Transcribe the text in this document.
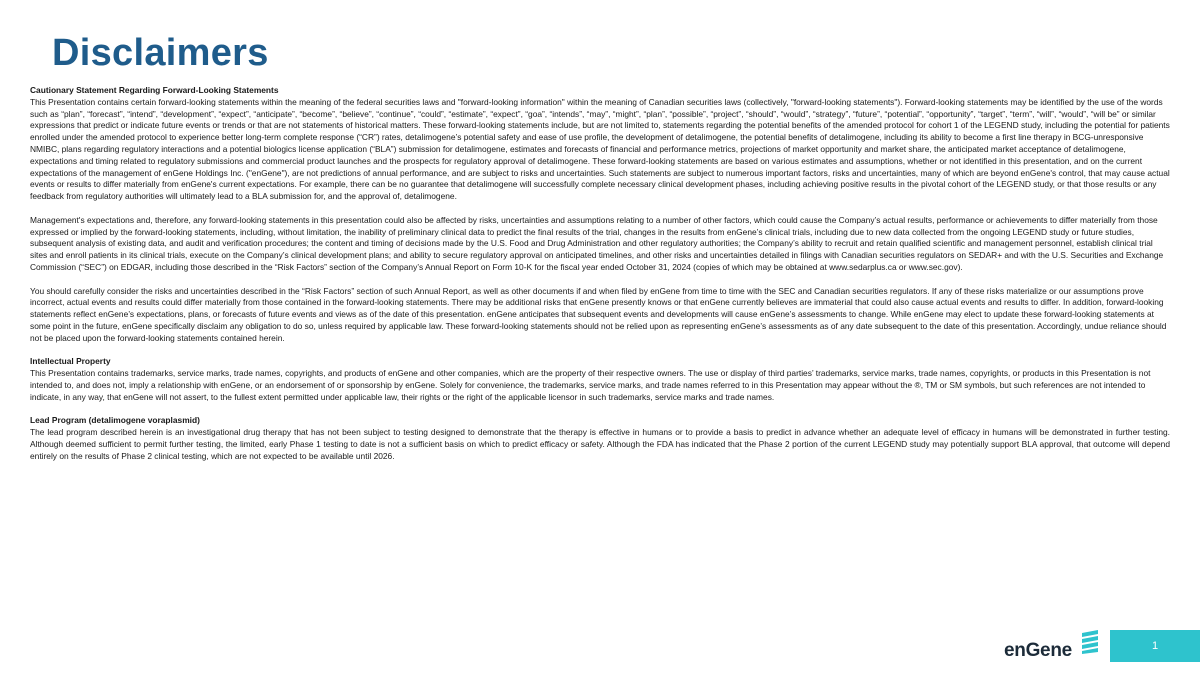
Disclaimers

Cautionary Statement Regarding Forward-Looking Statements

This Presentation contains certain forward-looking statements within the meaning of the federal securities laws and "forward-looking information" within the meaning of Canadian securities laws (collectively, "forward-looking statements"). Forward-looking statements may be identified by the use of the words such as “plan”, “forecast”, “intend”, “development”, “expect”, “anticipate”, “become”, “believe”, “continue”, “could”, “estimate”, “expect”, “goa”, “intends”, “may”, “might”, “plan”, “possible”, “project”, “should”, “would”, “strategy”, “future”, “potential”, “opportunity”, “target”, “term”, “will”, “would”, “will be” or similar expressions that predict or indicate future events or trends or that are not statements of historical matters. These forward-looking statements include, but are not limited to, statements regarding the potential benefits of the amended protocol for cohort 1 of the LEGEND study, including the potential for patients enrolled under the amended protocol to experience better long-term complete response (“CR”) rates, detalimogene’s potential safety and ease of use profile, the development of detalimogene, the potential benefits of detalimogene, including its ability to become a first line therapy in BCG-unresponsive NMIBC, plans regarding regulatory interactions and a potential biologics license application (“BLA”) submission for detalimogene, estimates and forecasts of financial and performance metrics, projections of market opportunity and market share, the anticipated market acceptance of detalimogene, expectations and timing related to regulatory submissions and commercial product launches and the prospects for regulatory approval of detalimogene. These forward-looking statements are based on various estimates and assumptions, whether or not identified in this presentation, and on the current expectations of the management of enGene Holdings Inc. ("enGene"), are not predictions of annual performance, and are subject to risks and uncertainties. Such statements are subject to numerous important factors, risks and uncertainties, many of which are beyond enGene's control, that may cause actual events or results to differ materially from enGene's current expectations. For example, there can be no guarantee that detalimogene will successfully complete necessary clinical development phases, including achieving positive results in the pivotal cohort of the LEGEND study, or that those results or any feedback from regulatory authorities will ultimately lead to a BLA submission for, and the approval of, detalimogene.

Management's expectations and, therefore, any forward-looking statements in this presentation could also be affected by risks, uncertainties and assumptions relating to a number of other factors, which could cause the Company’s actual results, performance or achievements to differ materially from those expressed or implied by the forward-looking statements, including, without limitation, the inability of preliminary clinical data to predict the final results of the trial, changes in the results from enGene’s clinical trials, including due to new data collected from the ongoing LEGEND study or future studies, subsequent analysis of existing data, and audit and verification procedures; the content and timing of decisions made by the U.S. Food and Drug Administration and other regulatory authorities; the Company’s ability to recruit and retain qualified scientific and management personnel, establish clinical trial sites and enroll patients in its clinical trials, execute on the Company’s clinical development plans; and ability to secure regulatory approval on anticipated timelines, and other risks and uncertainties detailed in filings with Canadian securities regulators on SEDAR+ and with the U.S. Securities and Exchange Commission (“SEC”) on EDGAR, including those described in the “Risk Factors” section of the Company’s Annual Report on Form 10-K for the fiscal year ended October 31, 2024 (copies of which may be obtained at www.sedarplus.ca or www.sec.gov).

You should carefully consider the risks and uncertainties described in the “Risk Factors” section of such Annual Report, as well as other documents if and when filed by enGene from time to time with the SEC and Canadian securities regulators. If any of these risks materialize or our assumptions prove incorrect, actual events and results could differ materially from those contained in the forward-looking statements. There may be additional risks that enGene presently knows or that enGene currently believes are immaterial that could also cause actual events and results to differ. In addition, forward-looking statements reflect enGene’s expectations, plans, or forecasts of future events and views as of the date of this presentation. enGene anticipates that subsequent events and developments will cause enGene’s assessments to change. While enGene may elect to update these forward-looking statements at some point in the future, enGene specifically disclaim any obligation to do so, unless required by applicable law. These forward-looking statements should not be relied upon as representing enGene’s assessments as of any date subsequent to the date of this presentation. Accordingly, undue reliance should not be placed upon the forward-looking statements contained herein.

Intellectual Property

This Presentation contains trademarks, service marks, trade names, copyrights, and products of enGene and other companies, which are the property of their respective owners. The use or display of third parties’ trademarks, service marks, trade names, copyrights, or products in this Presentation is not intended to, and does not, imply a relationship with enGene, or an endorsement of or sponsorship by enGene. Solely for convenience, the trademarks, service marks, and trade names referred to in this Presentation may appear without the ®, TM or SM symbols, but such references are not intended to indicate, in any way, that enGene will not assert, to the fullest extent permitted under applicable law, their rights or the right of the applicable licensor in such trademarks, service marks and trade names.

Lead Program (detalimogene voraplasmid)

The lead program described herein is an investigational drug therapy that has not been subject to testing designed to demonstrate that the therapy is effective in humans or to provide a basis to predict in advance whether an adequate level of efficacy in humans will be demonstrated in further testing. Although deemed sufficient to permit further testing, the limited, early Phase 1 testing to date is not a sufficient basis on which to predict efficacy or safety. Although the FDA has indicated that the Phase 2 portion of the current LEGEND study may potentially support BLA approval, that outcome will depend entirely on the results of Phase 2 clinical testing, which are not expected to be available until 2026.

enGene	1
